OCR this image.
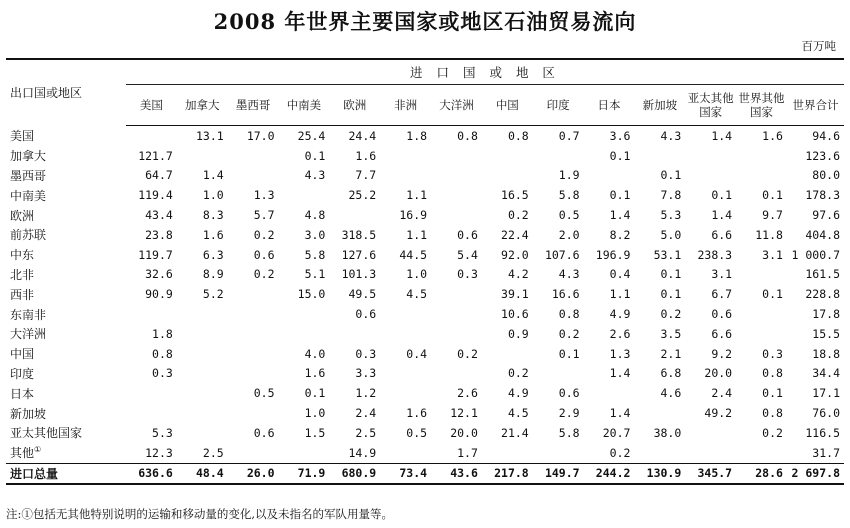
2008 年世界主要国家或地区石油贸易流向
百万吨
出口国或地区	进 口 国 或 地 区													
	美国	加拿大	墨西哥	中南美	欧洲	非洲	大洋洲	中国	印度	日本	新加坡	亚太其他国家	世界其他国家	世界合计
美国		13.1	17.0	25.4	24.4	1.8	0.8	0.8	0.7	3.6	4.3	1.4	1.6	94.6
加拿大	121.7			0.1	1.6					0.1				123.6
墨西哥	64.7	1.4		4.3	7.7				1.9		0.1			80.0
中南美	119.4	1.0	1.3		25.2	1.1		16.5	5.8	0.1	7.8	0.1	0.1	178.3
欧洲	43.4	8.3	5.7	4.8		16.9		0.2	0.5	1.4	5.3	1.4	9.7	97.6
前苏联	23.8	1.6	0.2	3.0	318.5	1.1	0.6	22.4	2.0	8.2	5.0	6.6	11.8	404.8
中东	119.7	6.3	0.6	5.8	127.6	44.5	5.4	92.0	107.6	196.9	53.1	238.3	3.1	1 000.7
北非	32.6	8.9	0.2	5.1	101.3	1.0	0.3	4.2	4.3	0.4	0.1	3.1		161.5
西非	90.9	5.2		15.0	49.5	4.5		39.1	16.6	1.1	0.1	6.7	0.1	228.8
东南非					0.6			10.6	0.8	4.9	0.2	0.6		17.8
大洋洲	1.8							0.9	0.2	2.6	3.5	6.6		15.5
中国	0.8			4.0	0.3	0.4	0.2		0.1	1.3	2.1	9.2	0.3	18.8
印度	0.3			1.6	3.3			0.2		1.4	6.8	20.0	0.8	34.4
日本			0.5	0.1	1.2		2.6	4.9	0.6		4.6	2.4	0.1	17.1
新加坡				1.0	2.4	1.6	12.1	4.5	2.9	1.4		49.2	0.8	76.0
亚太其他国家	5.3		0.6	1.5	2.5	0.5	20.0	21.4	5.8	20.7	38.0		0.2	116.5
其他①	12.3	2.5			14.9		1.7			0.2				31.7
进口总量	636.6	48.4	26.0	71.9	680.9	73.4	43.6	217.8	149.7	244.2	130.9	345.7	28.6	2 697.8
注:①包括无其他特别说明的运输和移动量的变化,以及未指名的军队用量等。
